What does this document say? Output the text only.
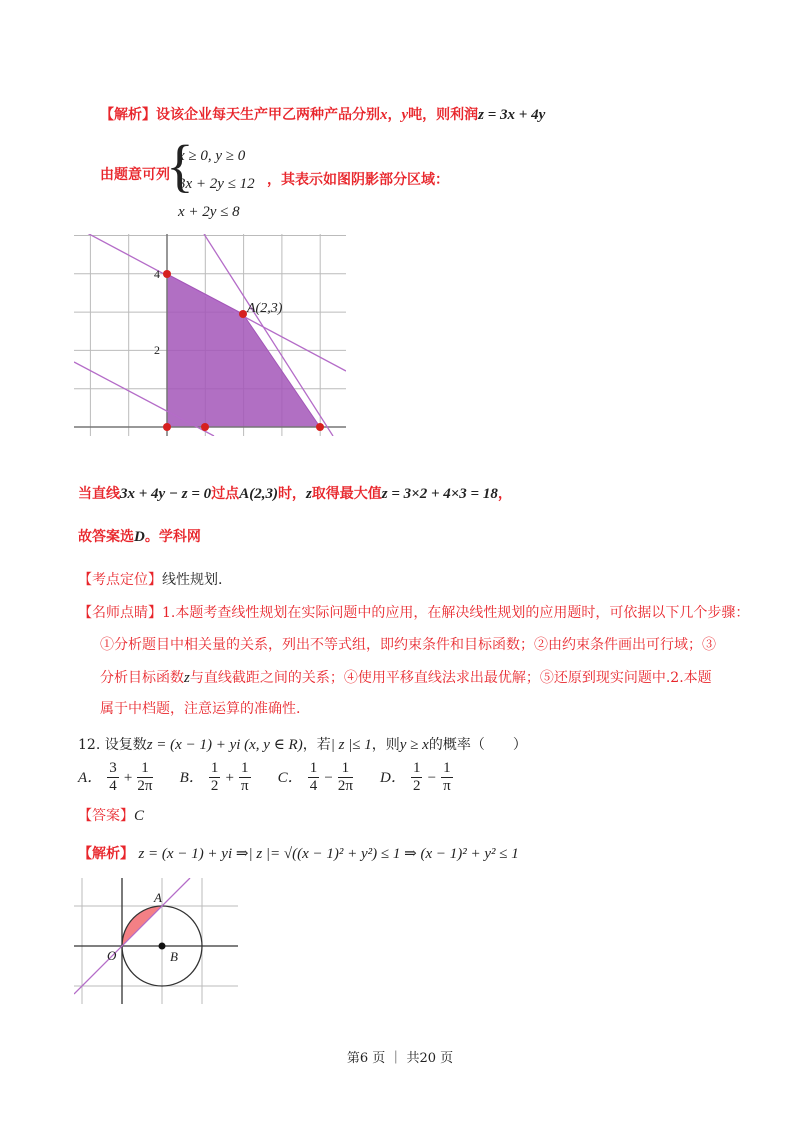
【解析】设该企业每天生产甲乙两种产品分别x，y吨，则利润z = 3x + 4y
由题意可列
{
x ≥ 0, y ≥ 0
3x + 2y ≤ 12
x + 2y ≤ 8
，其表示如图阴影部分区域：
4
2
A(2,3)
当直线3x + 4y − z = 0过点A(2,3)时，z取得最大值z = 3×2 + 4×3 = 18，
故答案选D。学科网
【考点定位】线性规划.
【名师点睛】1.本题考查线性规划在实际问题中的应用，在解决线性规划的应用题时，可依据以下几个步骤：
①分析题目中相关量的关系，列出不等式组，即约束条件和目标函数；②由约束条件画出可行域；③
分析目标函数z与直线截距之间的关系；④使用平移直线法求出最优解；⑤还原到现实问题中.2.本题
属于中档题，注意运算的准确性.
12. 设复数z = (x − 1) + yi (x, y ∈ R)，若| z |≤ 1，则y ≥ x的概率（　　）
A． $\frac{3}{4} + \frac{1}{2\pi}$ B． $\frac{1}{2} + \frac{1}{\pi}$ C． $\frac{1}{4} - \frac{1}{2\pi}$ D． $\frac{1}{2} - \frac{1}{\pi}$
【答案】C
【解析】 z = (x − 1) + yi ⇒| z |= √((x − 1)² + y²) ≤ 1 ⇒ (x − 1)² + y² ≤ 1
A
O	B
第6 页 ｜ 共20 页
